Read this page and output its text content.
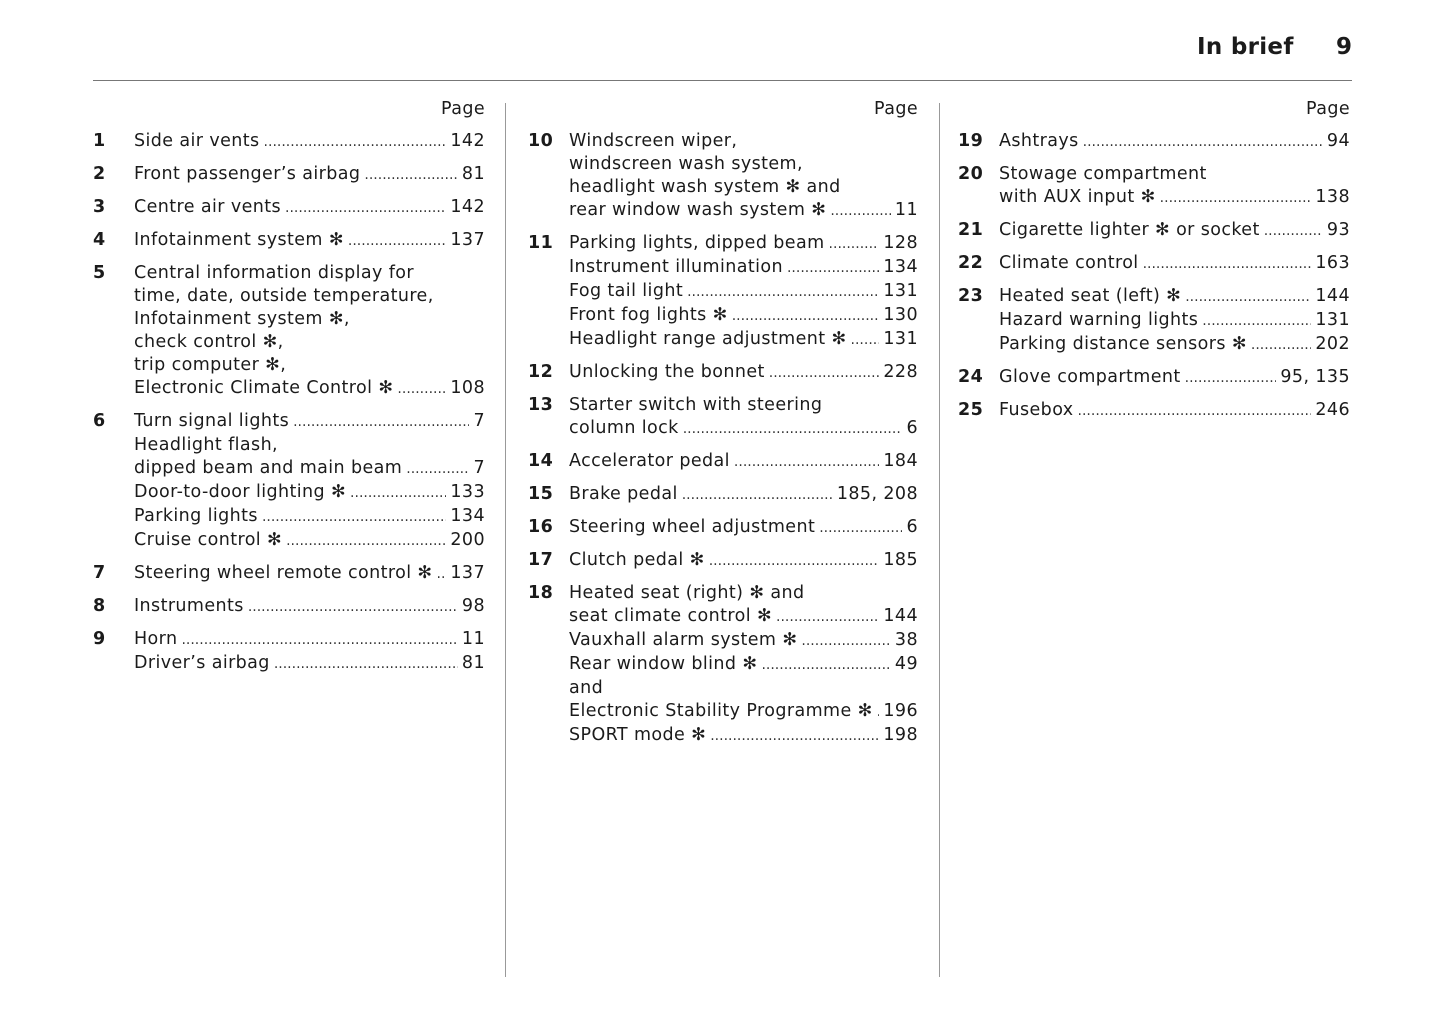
In brief 9
Page
1	Side air vents .....	142
2	Front passenger’s airbag .....	81
3	Centre air vents .....	142
4	Infotainment system ✻ .....	137
5	Central information display for
time, date, outside temperature,
Infotainment system ✻,
check control ✻,
trip computer ✻,
Electronic Climate Control ✻ .....	108
6	Turn signal lights .....	7
Headlight flash,
dipped beam and main beam .....	7
Door-to-door lighting ✻ .....	133
Parking lights .....	134
Cruise control ✻ .....	200
7	Steering wheel remote control ✻ ..... 137
8	Instruments .....	98
9	Horn .....	11
Driver’s airbag .....	81
Page
10 Windscreen wiper,
windscreen wash system,
headlight wash system ✻ and
rear window wash system ✻ .....	11
11 Parking lights, dipped beam .....	128
Instrument illumination .....	134
Fog tail light .....	131
Front fog lights ✻ .....	130
Headlight range adjustment ✻ ..... 131
12 Unlocking the bonnet .....	228
13 Starter switch with steering
column lock .....	6
14 Accelerator pedal .....	184
15 Brake pedal .....	185, 208
16 Steering wheel adjustment .....	6
17 Clutch pedal ✻ .....	185
18 Heated seat (right) ✻ and
seat climate control ✻ .....	144
Vauxhall alarm system ✻ .....	38
Rear window blind ✻ .....	49
and
Electronic Stability Programme ✻ ..... 196
SPORT mode ✻ .....	198
Page
19 Ashtrays .....	94
20 Stowage compartment
with AUX input ✻ .....	138
21 Cigarette lighter ✻ or socket .....	93
22 Climate control .....	163
23 Heated seat (left) ✻ .....	144
Hazard warning lights .....	131
Parking distance sensors ✻ .....	202
24 Glove compartment .....	95, 135
25 Fusebox .....	246
